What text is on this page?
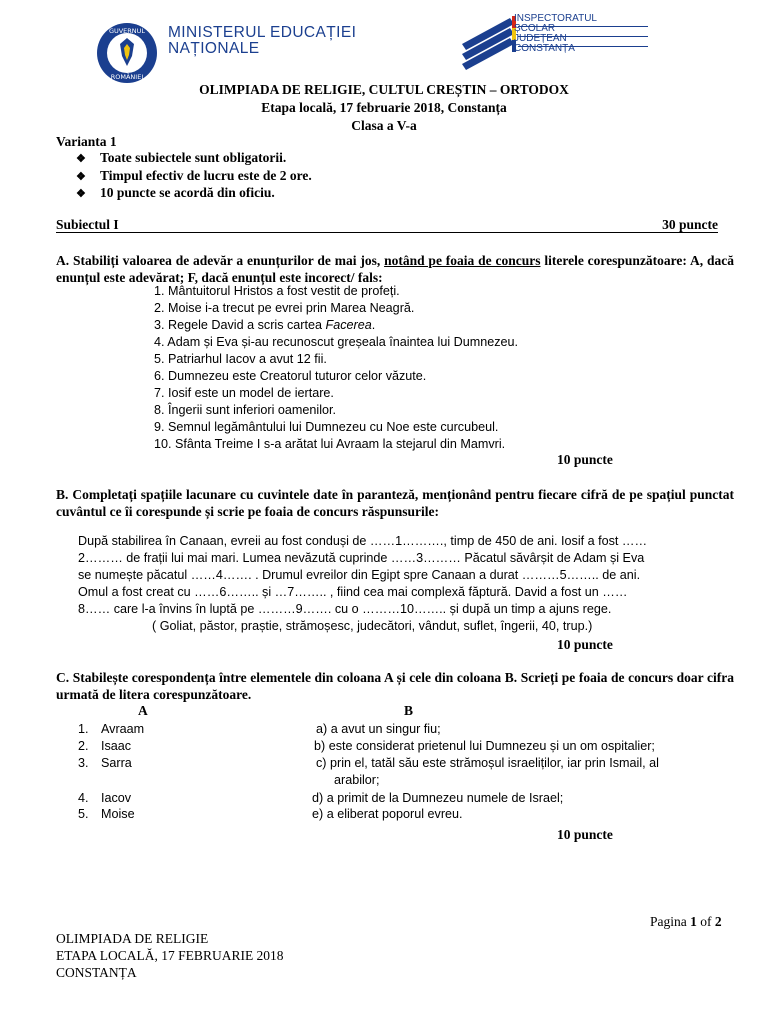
GUVERNUL
ROMÂNIEI
MINISTERUL EDUCAȚIEI
NAȚIONALE
INSPECTORATUL
ȘCOLAR
JUDEȚEAN
CONSTANȚA
OLIMPIADA DE RELIGIE, CULTUL CREȘTIN – ORTODOX
Etapa locală, 17 februarie 2018, Constanța
Clasa a V-a
Varianta 1
❖ Toate subiectele sunt obligatorii.
❖ Timpul efectiv de lucru este de 2 ore.
❖ 10 puncte se acordă din oficiu.
Subiectul I	30 puncte
A. Stabiliți valoarea de adevăr a enunțurilor de mai jos, notând pe foaia de concurs literele corespunzătoare: A, dacă enunțul este adevărat; F, dacă enunțul este incorect/ fals:
1. Mântuitorul Hristos a fost vestit de profeți.
2. Moise i-a trecut pe evrei prin Marea Neagră.
3. Regele David a scris cartea Facerea.
4. Adam și Eva și-au recunoscut greșeala înaintea lui Dumnezeu.
5. Patriarhul Iacov a avut 12 fii.
6. Dumnezeu este Creatorul tuturor celor văzute.
7. Iosif este un model de iertare.
8. Îngerii sunt inferiori oamenilor.
9. Semnul legământului lui Dumnezeu cu Noe este curcubeul.
10. Sfânta Treime I s-a arătat lui Avraam la stejarul din Mamvri.
10 puncte
B. Completați spațiile lacunare cu cuvintele date în paranteză, menționând pentru fiecare cifră de pe spațiul punctat cuvântul ce îi corespunde și scrie pe foaia de concurs răspunsurile:
După stabilirea în Canaan, evreii au fost conduși de ……1………., timp de 450 de ani. Iosif a fost ……
2……… de frații lui mai mari. Lumea nevăzută cuprinde ……3……… Păcatul săvârșit de Adam și Eva
se numește păcatul ……4……. . Drumul evreilor din Egipt spre Canaan a durat ………5…….. de ani.
Omul a fost creat cu ……6…….. și …7…….. , fiind cea mai complexă făptură. David a fost un ……
8…… care l-a învins în luptă pe ………9……. cu o ………10…….. și după un timp a ajuns rege.
( Goliat, păstor, praștie, strămoșesc, judecători, vândut, suflet, îngerii, 40, trup.)
10 puncte
C. Stabilește corespondența între elementele din coloana A și cele din coloana B. Scrieți pe foaia de concurs doar cifra urmată de litera corespunzătoare.
A	B
1. Avraam	a) a avut un singur fiu;
2. Isaac	b) este considerat prietenul lui Dumnezeu și un om ospitalier;
3. Sarra	c) prin el, tatăl său este strămoșul israeliților, iar prin Ismail, al
arabilor;
4. Iacov	d) a primit de la Dumnezeu numele de Israel;
5. Moise	e) a eliberat poporul evreu.
10 puncte
Pagina 1 of 2
OLIMPIADA DE RELIGIE
ETAPA LOCALĂ, 17 FEBRUARIE 2018
CONSTANȚA
